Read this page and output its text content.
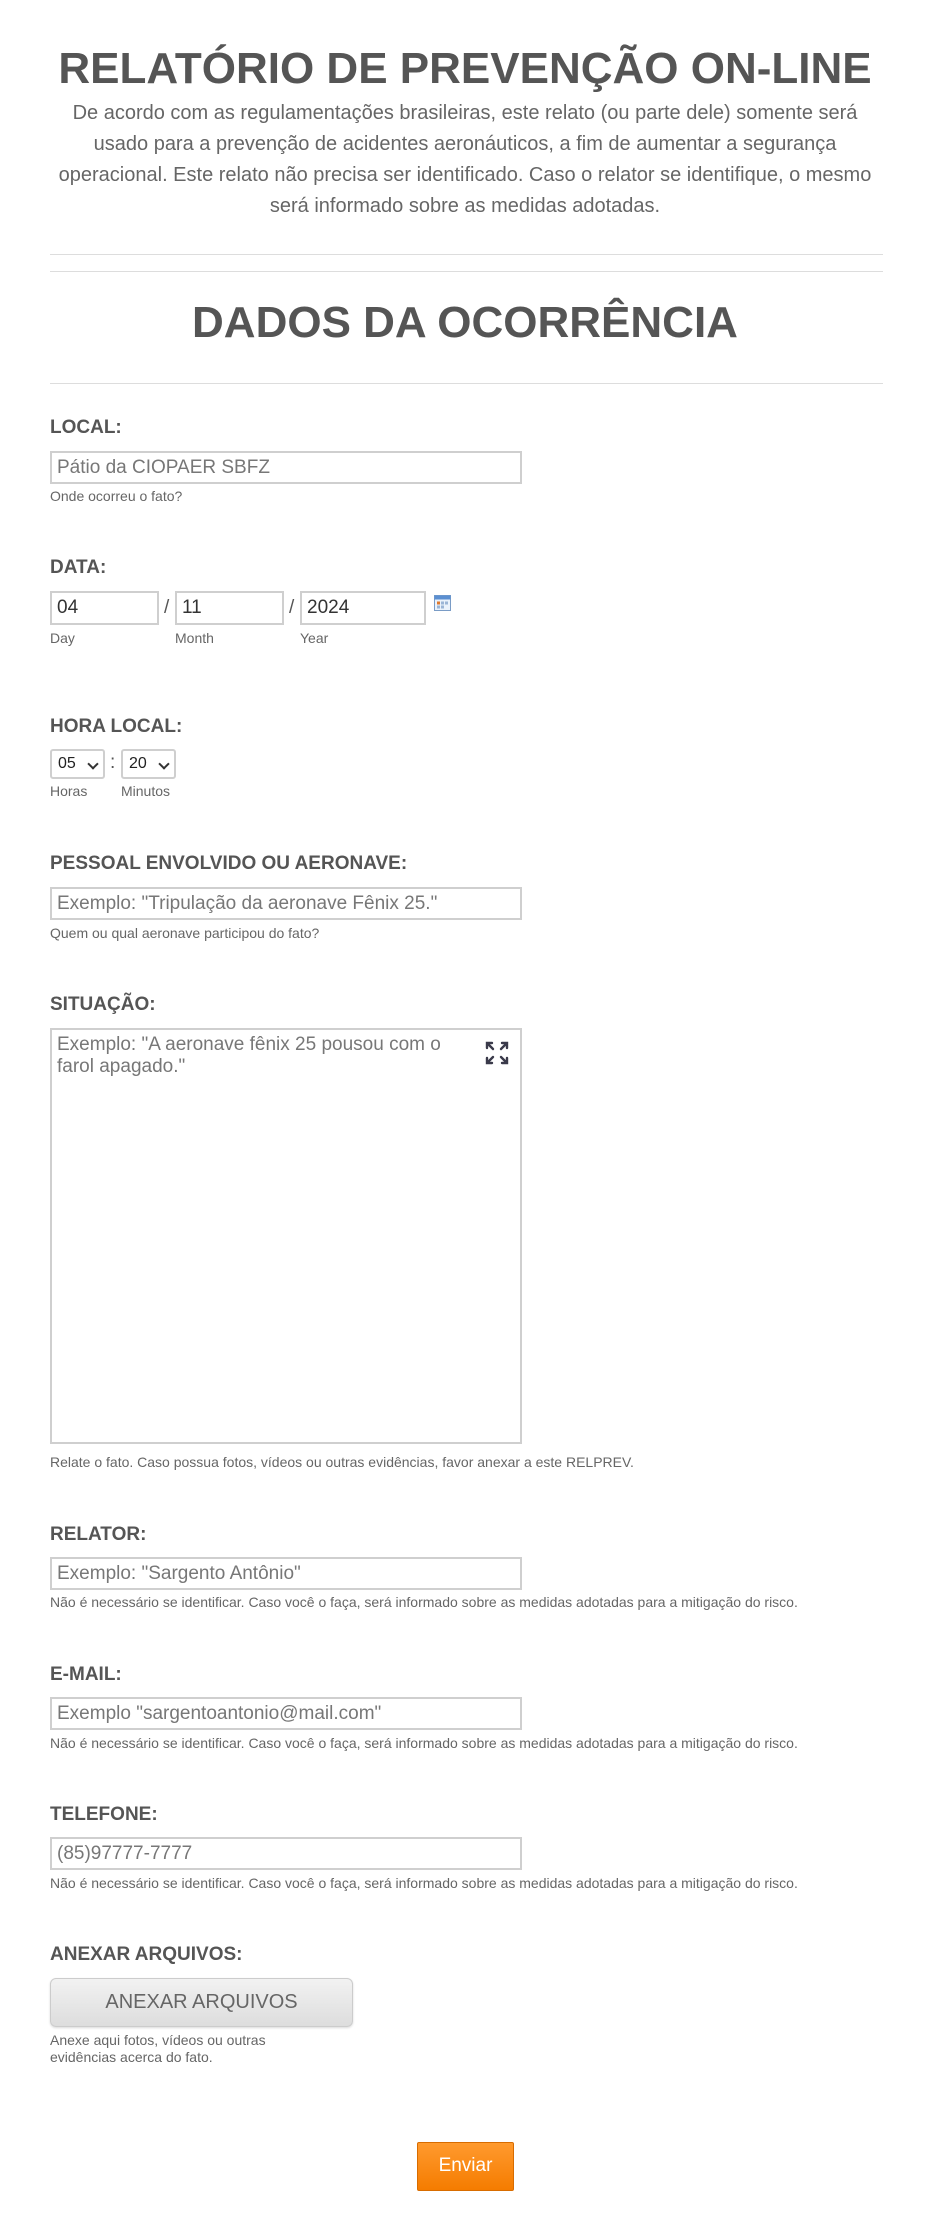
RELATÓRIO DE PREVENÇÃO ON-LINE
De acordo com as regulamentações brasileiras, este relato (ou parte dele) somente será usado para a prevenção de acidentes aeronáuticos, a fim de aumentar a segurança operacional. Este relato não precisa ser identificado. Caso o relator se identifique, o mesmo será informado sobre as medidas adotadas.
DADOS DA OCORRÊNCIA
LOCAL:
Pátio da CIOPAER SBFZ
Onde ocorreu o fato?
DATA:
04	/ 11	/ 2024
Day	Month	Year
HORA LOCAL:
05	: 20
Horas Minutos
PESSOAL ENVOLVIDO OU AERONAVE:
Exemplo: "Tripulação da aeronave Fênix 25."
Quem ou qual aeronave participou do fato?
SITUAÇÃO:
Exemplo: "A aeronave fênix 25 pousou com o farol apagado."
Relate o fato. Caso possua fotos, vídeos ou outras evidências, favor anexar a este RELPREV.
RELATOR:
Exemplo: "Sargento Antônio"
Não é necessário se identificar. Caso você o faça, será informado sobre as medidas adotadas para a mitigação do risco.
E-MAIL:
Exemplo "sargentoantonio@mail.com"
Não é necessário se identificar. Caso você o faça, será informado sobre as medidas adotadas para a mitigação do risco.
TELEFONE:
(85)97777-7777
Não é necessário se identificar. Caso você o faça, será informado sobre as medidas adotadas para a mitigação do risco.
ANEXAR ARQUIVOS:
ANEXAR ARQUIVOS
Anexe aqui fotos, vídeos ou outras evidências acerca do fato.
Enviar
